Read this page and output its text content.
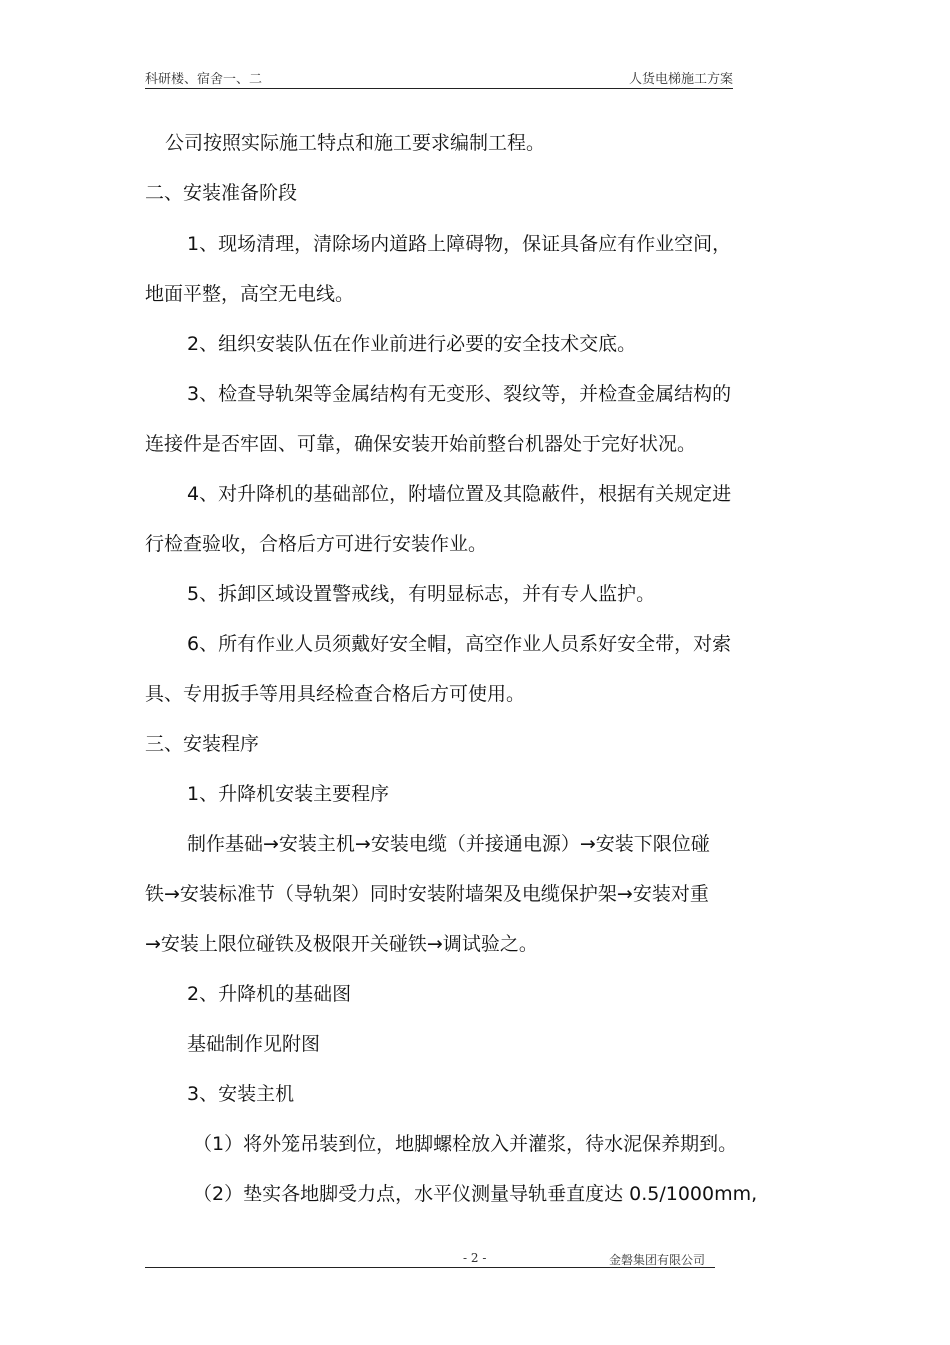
科研楼、宿舍一、二	人货电梯施工方案
公司按照实际施工特点和施工要求编制工程。
二、安装准备阶段
1、现场清理，清除场内道路上障碍物，保证具备应有作业空间，
地面平整，高空无电线。
2、组织安装队伍在作业前进行必要的安全技术交底。
3、检查导轨架等金属结构有无变形、裂纹等，并检查金属结构的
连接件是否牢固、可靠，确保安装开始前整台机器处于完好状况。
4、对升降机的基础部位，附墙位置及其隐蔽件，根据有关规定进
行检查验收，合格后方可进行安装作业。
5、拆卸区域设置警戒线，有明显标志，并有专人监护。
6、所有作业人员须戴好安全帽，高空作业人员系好安全带，对索
具、专用扳手等用具经检查合格后方可使用。
三、安装程序
1、升降机安装主要程序
制作基础→安装主机→安装电缆（并接通电源）→安装下限位碰
铁→安装标准节（导轨架）同时安装附墙架及电缆保护架→安装对重
→安装上限位碰铁及极限开关碰铁→调试验之。
2、升降机的基础图
基础制作见附图
3、安装主机
（1）将外笼吊装到位，地脚螺栓放入并灌浆，待水泥保养期到。
（2）垫实各地脚受力点，水平仪测量导轨垂直度达 0.5/1000mm,
- 2 -	金磐集团有限公司
